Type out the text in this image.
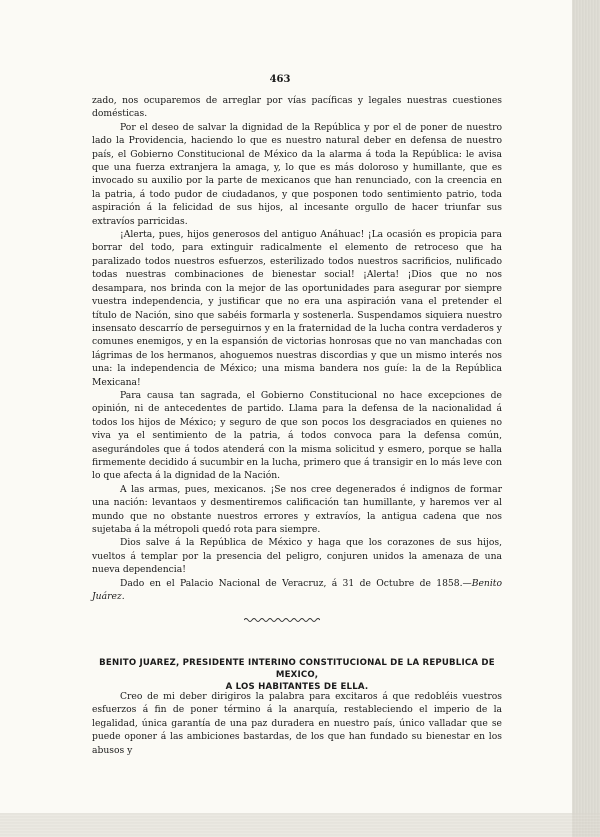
463

zado, nos ocuparemos de arreglar por vías pacíficas y legales nuestras cuestiones domésticas.

Por el deseo de salvar la dignidad de la República y por el de poner de nuestro lado la Providencia, haciendo lo que es nuestro natural deber en defensa de nuestro país, el Gobierno Constitucional de México da la alarma á toda la República: le avisa que una fuerza extranjera la amaga, y, lo que es más doloroso y humillante, que es invocado su auxilio por la parte de mexicanos que han renunciado, con la creencia en la patria, á todo pudor de ciudadanos, y que posponen todo sentimiento patrio, toda aspiración á la felicidad de sus hijos, al incesante orgullo de hacer triunfar sus extravíos parricidas.

¡Alerta, pues, hijos generosos del antiguo Anáhuac! ¡La ocasión es propicia para borrar del todo, para extinguir radicalmente el elemento de retroceso que ha paralizado todos nuestros esfuerzos, esterilizado todos nuestros sacrificios, nulificado todas nuestras combinaciones de bienestar social! ¡Alerta! ¡Dios que no nos desampara, nos brinda con la mejor de las oportunidades para asegurar por siempre vuestra independencia, y justificar que no era una aspiración vana el pretender el título de Nación, sino que sabéis formarla y sostenerla. Suspendamos siquiera nuestro insensato descarrío de perseguirnos y en la fraternidad de la lucha contra verdaderos y comunes enemigos, y en la espansión de victorias honrosas que no van manchadas con lágrimas de los hermanos, ahoguemos nuestras discordias y que un mismo interés nos una: la independencia de México; una misma bandera nos guíe: la de la República Mexicana!

Para causa tan sagrada, el Gobierno Constitucional no hace excepciones de opinión, ni de antecedentes de partido. Llama para la defensa de la nacionalidad á todos los hijos de México; y seguro de que son pocos los desgraciados en quienes no viva ya el sentimiento de la patria, á todos convoca para la defensa común, asegurándoles que á todos atenderá con la misma solicitud y esmero, porque se halla firmemente decidido á sucumbir en la lucha, primero que á transigir en lo más leve con lo que afecta á la dignidad de la Nación.

A las armas, pues, mexicanos. ¡Se nos cree degenerados é indignos de formar una nación: levantaos y desmentiremos calificación tan humillante, y haremos ver al mundo que no obstante nuestros errores y extravíos, la antigua cadena que nos sujetaba á la métropoli quedó rota para siempre.

Dios salve á la República de México y haga que los corazones de sus hijos, vueltos á templar por la presencia del peligro, conjuren unidos la amenaza de una nueva dependencia!

Dado en el Palacio Nacional de Veracruz, á 31 de Octubre de 1858.—Benito Juárez.

BENITO JUAREZ, PRESIDENTE INTERINO CONSTITUCIONAL DE LA REPUBLICA DE MEXICO,
A LOS HABITANTES DE ELLA.

Creo de mi deber dirigiros la palabra para excitaros á que redobléis vuestros esfuerzos á fin de poner término á la anarquía, restableciendo el imperio de la legalidad, única garantía de una paz duradera en nuestro país, único valladar que se puede oponer á las ambiciones bastardas, de los que han fundado su bienestar en los abusos y
